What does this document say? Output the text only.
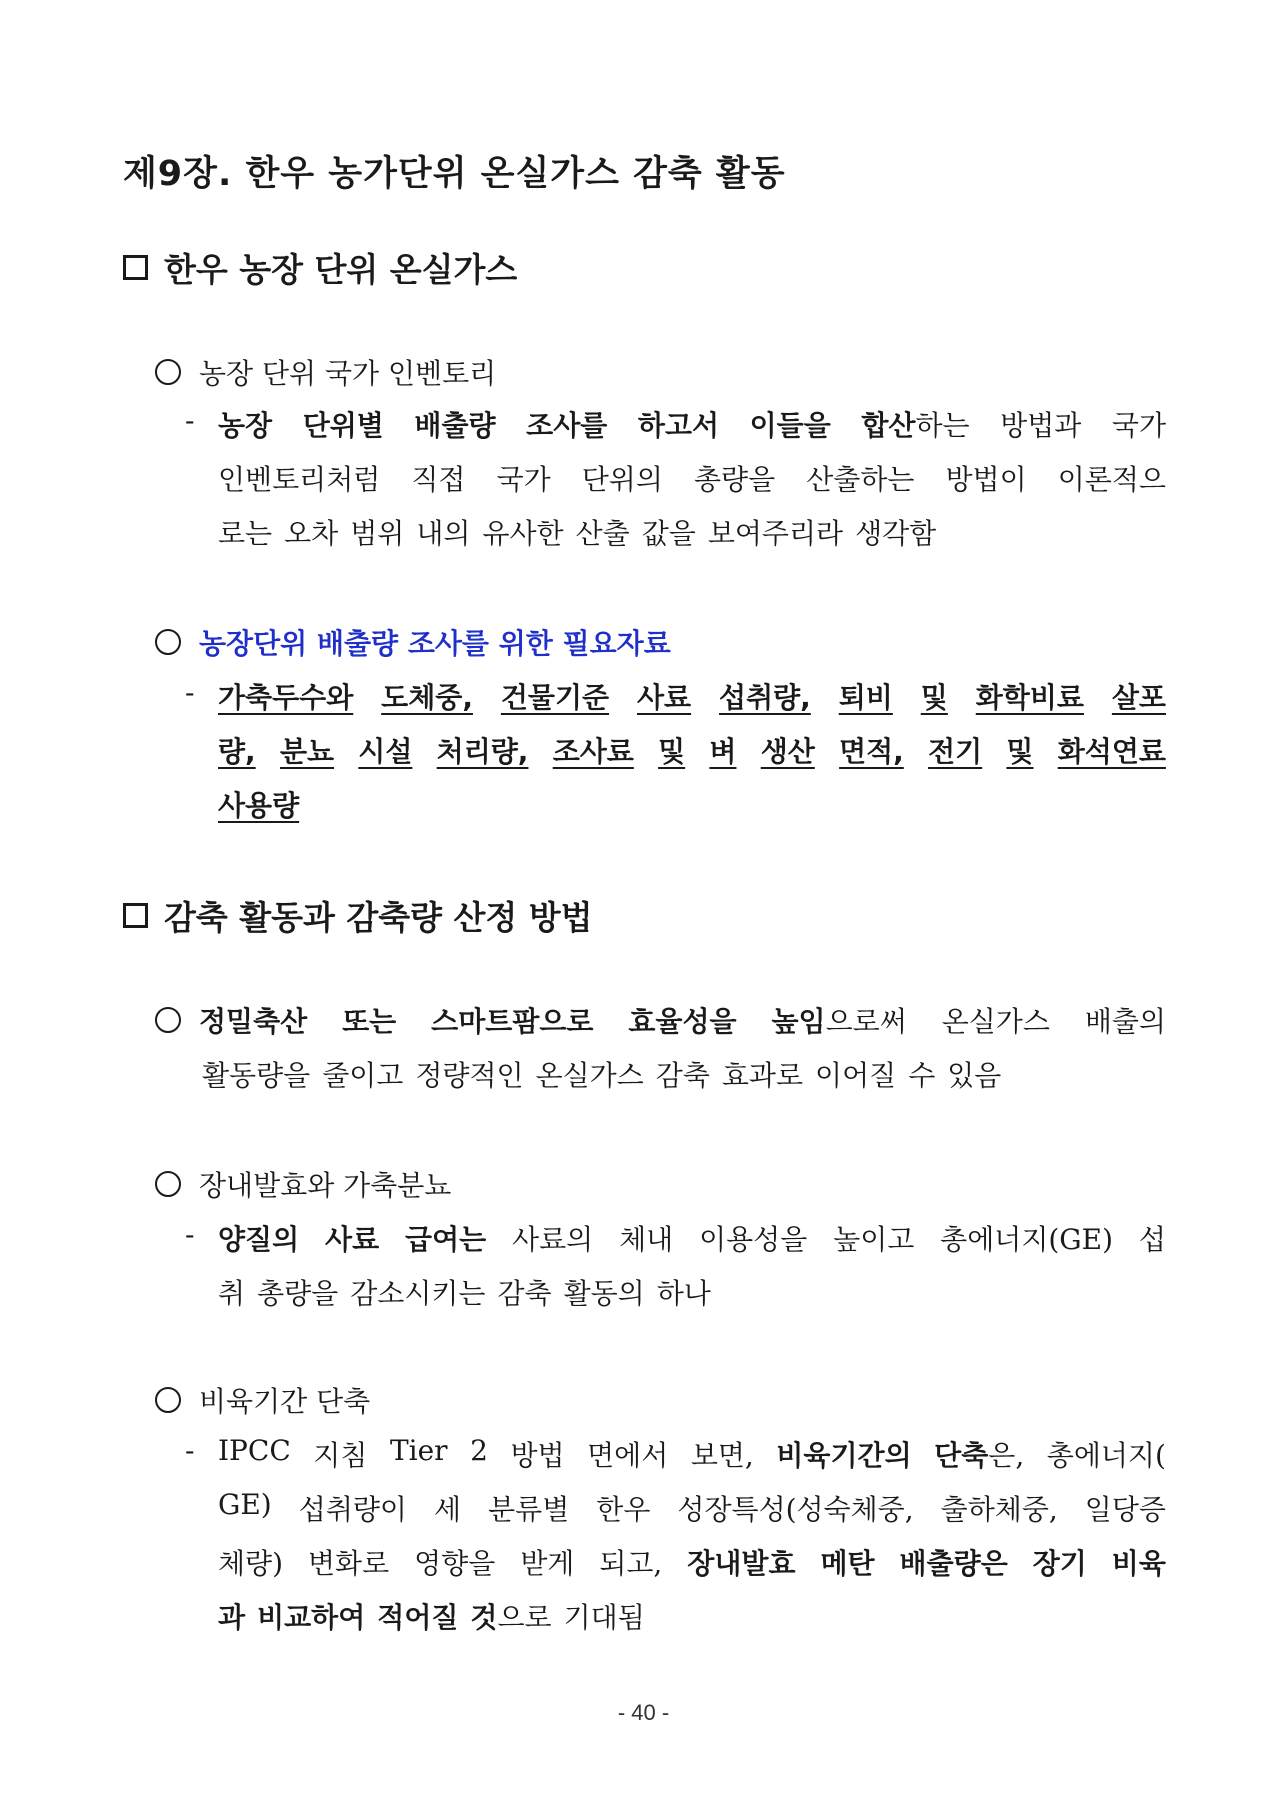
제9장. 한우 농가단위 온실가스 감축 활동
한우 농장 단위 온실가스
농장 단위 국가 인벤토리
- 농장 단위별 배출량 조사를 하고서 이들을 합산하는 방법과 국가
인벤토리처럼 직접 국가 단위의 총량을 산출하는 방법이 이론적으
로는 오차 범위 내의 유사한 산출 값을 보여주리라 생각함
농장단위 배출량 조사를 위한 필요자료
- 가축두수와 도체중, 건물기준 사료 섭취량, 퇴비 및 화학비료 살포
량, 분뇨 시설 처리량, 조사료 및 벼 생산 면적, 전기 및 화석연료
사용량
감축 활동과 감축량 산정 방법
정밀축산 또는 스마트팜으로 효율성을 높임으로써 온실가스 배출의
활동량을 줄이고 정량적인 온실가스 감축 효과로 이어질 수 있음
장내발효와 가축분뇨
- 양질의 사료 급여는 사료의 체내 이용성을 높이고 총에너지(GE) 섭
취 총량을 감소시키는 감축 활동의 하나
비육기간 단축
- IPCC 지침 Tier 2 방법 면에서 보면, 비육기간의 단축은, 총에너지(
GE) 섭취량이 세 분류별 한우 성장특성(성숙체중, 출하체중, 일당증
체량) 변화로 영향을 받게 되고, 장내발효 메탄 배출량은 장기 비육
과 비교하여 적어질 것으로 기대됨
- 40 -
